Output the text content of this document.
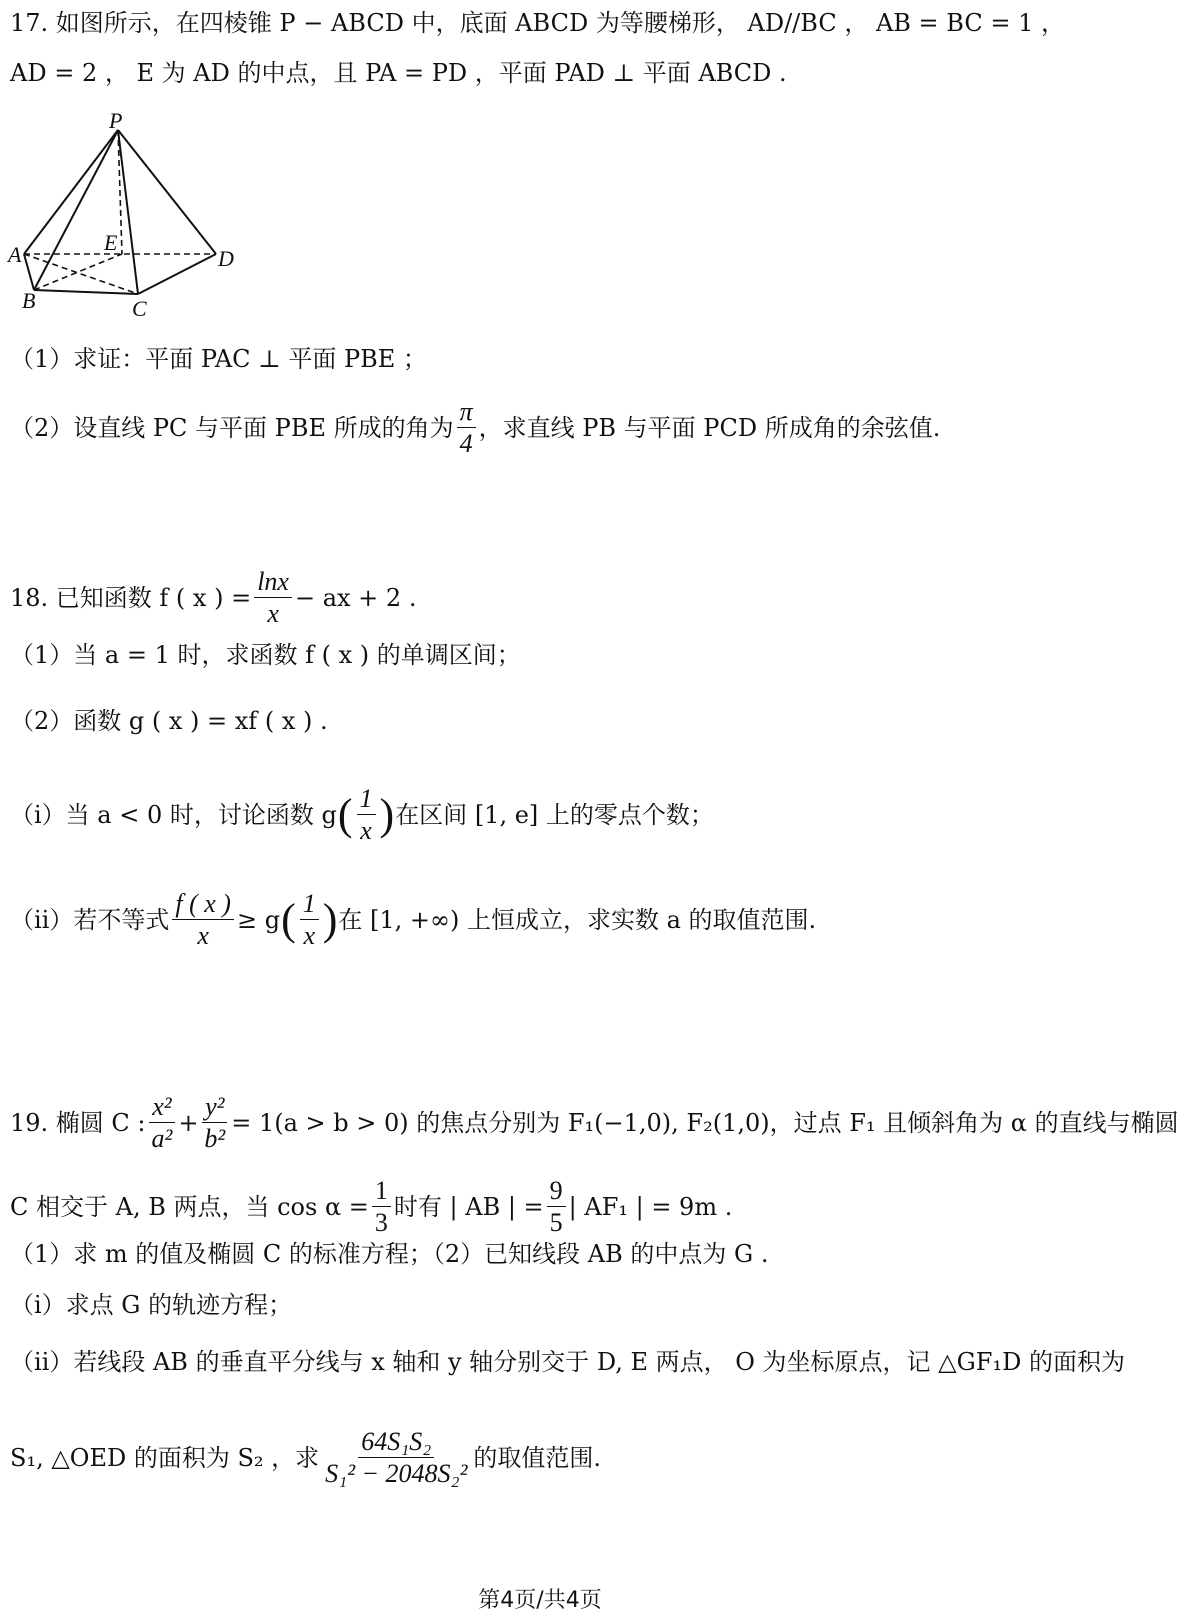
17. 如图所示，在四棱锥 P − ABCD 中，底面 ABCD 为等腰梯形， AD//BC ， AB = BC = 1 ，
AD = 2 ， E 为 AD 的中点，且 PA = PD ，平面 PAD ⊥ 平面 ABCD .
P
A
B	C
D
E
（1）求证：平面 PAC ⊥ 平面 PBE ；
（2）设直线 PC 与平面 PBE 所成的角为 $\frac{\pi}{4}$ ，求直线 PB 与平面 PCD 所成角的余弦值.
18. 已知函数 f ( x ) = $\frac{\ln x}{x}$ − ax + 2 .
（1）当 a = 1 时，求函数 f ( x ) 的单调区间；
（2）函数 g ( x ) = xf ( x ) .
（ⅰ）当 a < 0 时，讨论函数 g ( $\frac{1}{x}$ ) 在区间 [1, e] 上的零点个数；
（ⅱ）若不等式 $\frac{f ( x )}{x} \ge g$ ( $\frac{1}{x}$ ) 在 [1, +∞) 上恒成立，求实数 a 的取值范围.
19. 椭圆 C : $\frac{\text{x²}}{\text{a²}} + \frac{\text{y²}}{\text{b²}} = 1(a > b > 0)$ 的焦点分别为 F₁(−1,0), F₂(1,0)，过点 F₁ 且倾斜角为 α 的直线与椭圆
C 相交于 A, B 两点，当 $\cos \alpha = \frac{1}{3}$ 时有 | AB | = $\frac{9}{5}$ | AF₁ | = 9m .
（1）求 m 的值及椭圆 C 的标准方程；（2）已知线段 AB 的中点为 G .
（ⅰ）求点 G 的轨迹方程；
（ⅱ）若线段 AB 的垂直平分线与 x 轴和 y 轴分别交于 D, E 两点， O 为坐标原点，记 △GF₁D 的面积为
S₁, △OED 的面积为 S₂ ，求 $\frac{\text{64S₁S₂}}{\text{S₁² − 2048S₂²}}$ 的取值范围.
第4页/共4页
